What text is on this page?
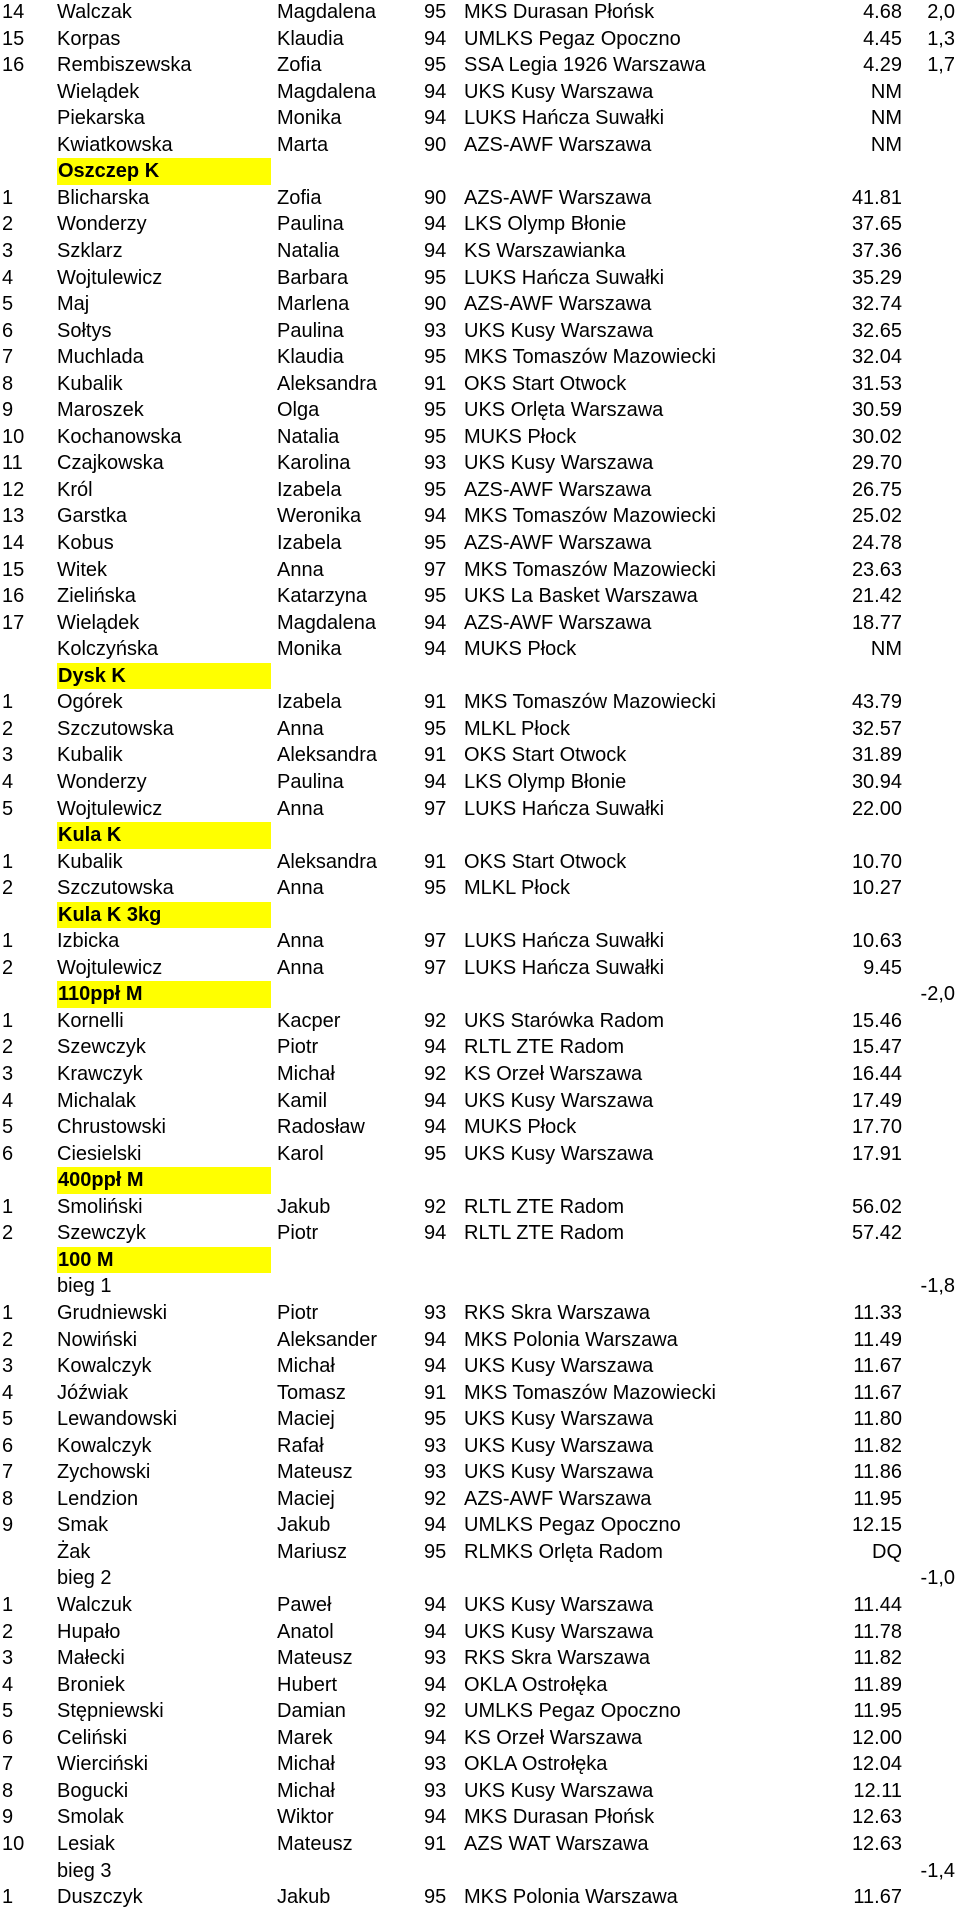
14 Walczak	Magdalena 95 MKS Durasan Płońsk	4.68 2,0
15 Korpas	Klaudia	94 UMLKS Pegaz Opoczno	4.45 1,3
16 Rembiszewska	Zofia	95 SSA Legia 1926 Warszawa	4.29 1,7
Wielądek	Magdalena 94 UKS Kusy Warszawa	NM
Piekarska	Monika	94 LUKS Hańcza Suwałki	NM
Kwiatkowska	Marta	90 AZS-AWF Warszawa	NM
Oszczep K
1 Blicharska	Zofia	90 AZS-AWF Warszawa	41.81
2 Wonderzy	Paulina	94 LKS Olymp Błonie	37.65
3 Szklarz	Natalia	94 KS Warszawianka	37.36
4 Wojtulewicz	Barbara	95 LUKS Hańcza Suwałki	35.29
5 Maj	Marlena	90 AZS-AWF Warszawa	32.74
6 Sołtys	Paulina	93 UKS Kusy Warszawa	32.65
7 Muchlada	Klaudia	95 MKS Tomaszów Mazowiecki	32.04
8 Kubalik	Aleksandra 91 OKS Start Otwock	31.53
9 Maroszek	Olga	95 UKS Orlęta Warszawa	30.59
10 Kochanowska	Natalia	95 MUKS Płock	30.02
11 Czajkowska	Karolina	93 UKS Kusy Warszawa	29.70
12 Król	Izabela	95 AZS-AWF Warszawa	26.75
13 Garstka	Weronika	94 MKS Tomaszów Mazowiecki	25.02
14 Kobus	Izabela	95 AZS-AWF Warszawa	24.78
15 Witek	Anna	97 MKS Tomaszów Mazowiecki	23.63
16 Zielińska	Katarzyna	95 UKS La Basket Warszawa	21.42
17 Wielądek	Magdalena 94 AZS-AWF Warszawa	18.77
Kolczyńska	Monika	94 MUKS Płock	NM
Dysk K
1 Ogórek	Izabela	91 MKS Tomaszów Mazowiecki	43.79
2 Szczutowska	Anna	95 MLKL Płock	32.57
3 Kubalik	Aleksandra 91 OKS Start Otwock	31.89
4 Wonderzy	Paulina	94 LKS Olymp Błonie	30.94
5 Wojtulewicz	Anna	97 LUKS Hańcza Suwałki	22.00
Kula K
1 Kubalik	Aleksandra 91 OKS Start Otwock	10.70
2 Szczutowska	Anna	95 MLKL Płock	10.27
Kula K 3kg
1 Izbicka	Anna	97 LUKS Hańcza Suwałki	10.63
2 Wojtulewicz	Anna	97 LUKS Hańcza Suwałki	9.45
110ppł M	-2,0
1 Kornelli	Kacper	92 UKS Starówka Radom	15.46
2 Szewczyk	Piotr	94 RLTL ZTE Radom	15.47
3 Krawczyk	Michał	92 KS Orzeł Warszawa	16.44
4 Michalak	Kamil	94 UKS Kusy Warszawa	17.49
5 Chrustowski	Radosław	94 MUKS Płock	17.70
6 Ciesielski	Karol	95 UKS Kusy Warszawa	17.91
400ppł M
1 Smoliński	Jakub	92 RLTL ZTE Radom	56.02
2 Szewczyk	Piotr	94 RLTL ZTE Radom	57.42
100 M
bieg 1	-1,8
1 Grudniewski	Piotr	93 RKS Skra Warszawa	11.33
2 Nowiński	Aleksander 94 MKS Polonia Warszawa	11.49
3 Kowalczyk	Michał	94 UKS Kusy Warszawa	11.67
4 Jóźwiak	Tomasz	91 MKS Tomaszów Mazowiecki	11.67
5 Lewandowski	Maciej	95 UKS Kusy Warszawa	11.80
6 Kowalczyk	Rafał	93 UKS Kusy Warszawa	11.82
7 Zychowski	Mateusz	93 UKS Kusy Warszawa	11.86
8 Lendzion	Maciej	92 AZS-AWF Warszawa	11.95
9 Smak	Jakub	94 UMLKS Pegaz Opoczno	12.15
Żak	Mariusz	95 RLMKS Orlęta Radom	DQ
bieg 2	-1,0
1 Walczuk	Paweł	94 UKS Kusy Warszawa	11.44
2 Hupało	Anatol	94 UKS Kusy Warszawa	11.78
3 Małecki	Mateusz	93 RKS Skra Warszawa	11.82
4 Broniek	Hubert	94 OKLA Ostrołęka	11.89
5 Stępniewski	Damian	92 UMLKS Pegaz Opoczno	11.95
6 Celiński	Marek	94 KS Orzeł Warszawa	12.00
7 Wierciński	Michał	93 OKLA Ostrołęka	12.04
8 Bogucki	Michał	93 UKS Kusy Warszawa	12.11
9 Smolak	Wiktor	94 MKS Durasan Płońsk	12.63
10 Lesiak	Mateusz	91 AZS WAT Warszawa	12.63
bieg 3	-1,4
1 Duszczyk	Jakub	95 MKS Polonia Warszawa	11.67
